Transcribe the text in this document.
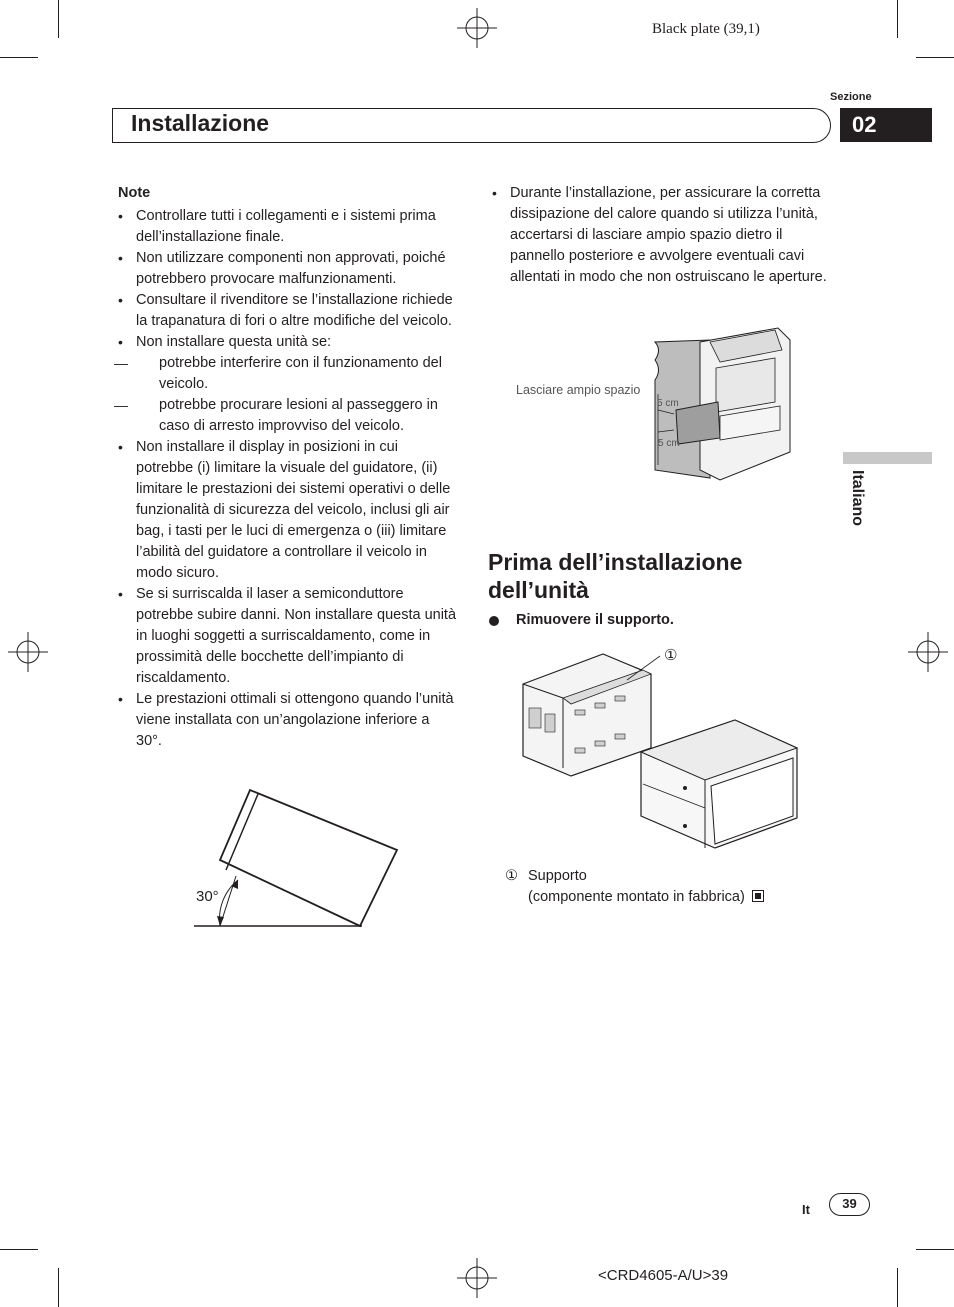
Black plate (39,1)
Sezione
Installazione	02
Note
• Controllare tutti i collegamenti e i sistemi prima dell’installazione finale.
• Non utilizzare componenti non approvati, poiché potrebbero provocare malfunzionamenti.
• Consultare il rivenditore se l’installazione richiede la trapanatura di fori o altre modifiche del veicolo.
• Non installare questa unità se:
— potrebbe interferire con il funzionamento del veicolo.
— potrebbe procurare lesioni al passeggero in caso di arresto improvviso del veicolo.
• Non installare il display in posizioni in cui potrebbe (i) limitare la visuale del guidatore, (ii) limitare le prestazioni dei sistemi operativi o delle funzionalità di sicurezza del veicolo, inclusi gli air bag, i tasti per le luci di emergenza o (iii) limitare l’abilità del guidatore a controllare il veicolo in modo sicuro.
• Se si surriscalda il laser a semiconduttore potrebbe subire danni. Non installare questa unità in luoghi soggetti a surriscaldamento, come in prossimità delle bocchette dell’impianto di riscaldamento.
• Le prestazioni ottimali si ottengono quando l’unità viene installata con un’angolazione inferiore a 30°.
30°
• Durante l’installazione, per assicurare la corretta dissipazione del calore quando si utilizza l’unità, accertarsi di lasciare ampio spazio dietro il pannello posteriore e avvolgere eventuali cavi allentati in modo che non ostruiscano le aperture.
Lasciare ampio spazio
5 cm
5 cm
Prima dell’installazione dell’unità
Rimuovere il supporto.
①
① Supporto
(componente montato in fabbrica)
Italiano
It	39
<CRD4605-A/U>39
